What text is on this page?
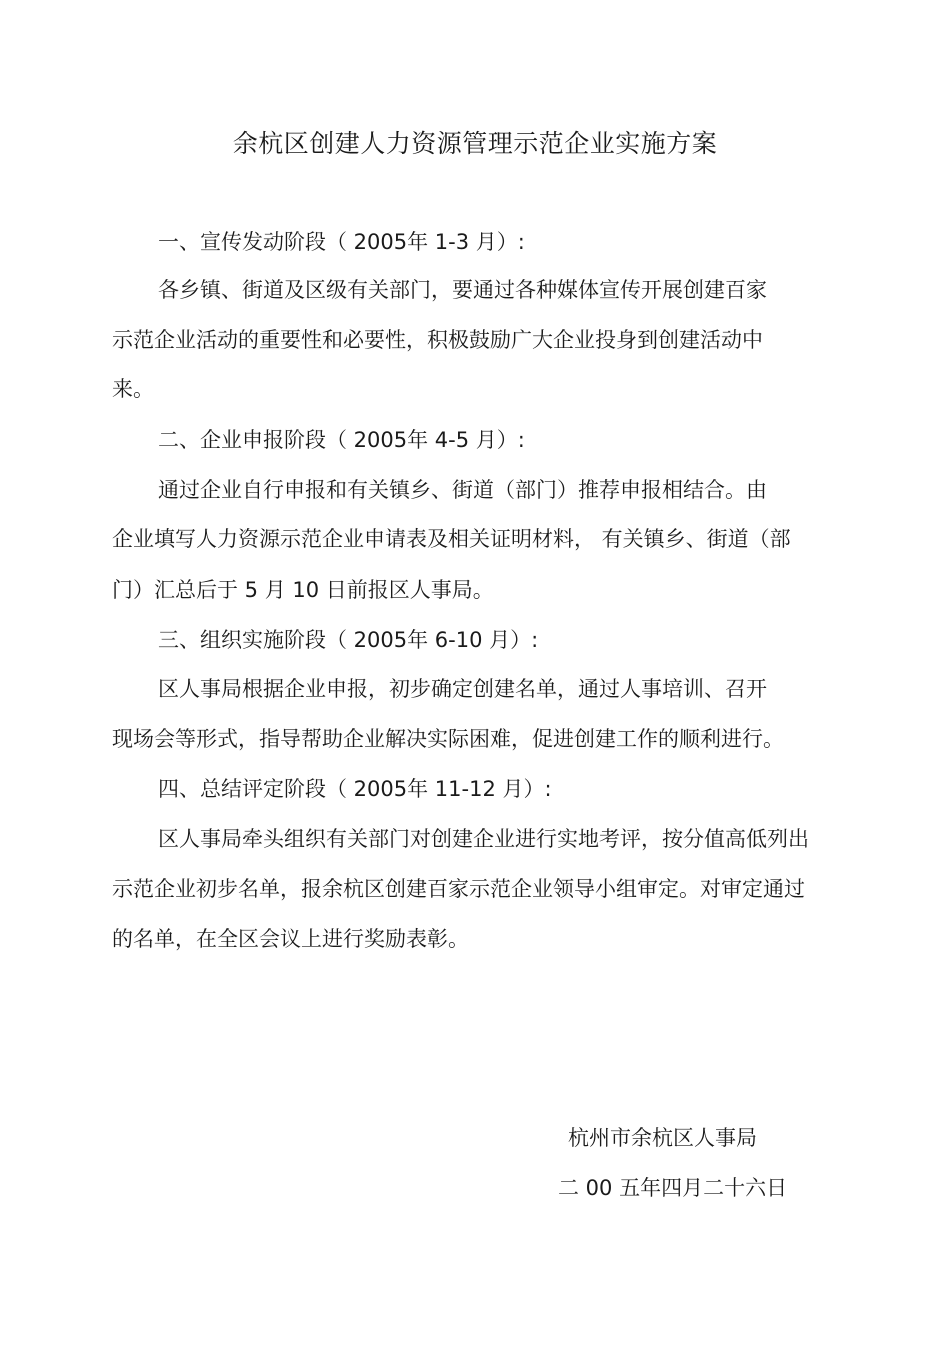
余杭区创建人力资源管理示范企业实施方案
一、宣传发动阶段（ 2005年 1-3 月）:
各乡镇、街道及区级有关部门，要通过各种媒体宣传开展创建百家
示范企业活动的重要性和必要性，积极鼓励广大企业投身到创建活动中
来。
二、企业申报阶段（ 2005年 4-5 月）:
通过企业自行申报和有关镇乡、街道（部门）推荐申报相结合。由
企业填写人力资源示范企业申请表及相关证明材料， 有关镇乡、街道（部
门）汇总后于 5 月 10 日前报区人事局。
三、组织实施阶段（ 2005年 6-10 月）:
区人事局根据企业申报，初步确定创建名单，通过人事培训、召开
现场会等形式，指导帮助企业解决实际困难，促进创建工作的顺利进行。
四、总结评定阶段（ 2005年 11-12 月）:
区人事局牵头组织有关部门对创建企业进行实地考评，按分值高低列出
示范企业初步名单，报余杭区创建百家示范企业领导小组审定。对审定通过
的名单，在全区会议上进行奖励表彰。
杭州市余杭区人事局
二 00 五年四月二十六日
